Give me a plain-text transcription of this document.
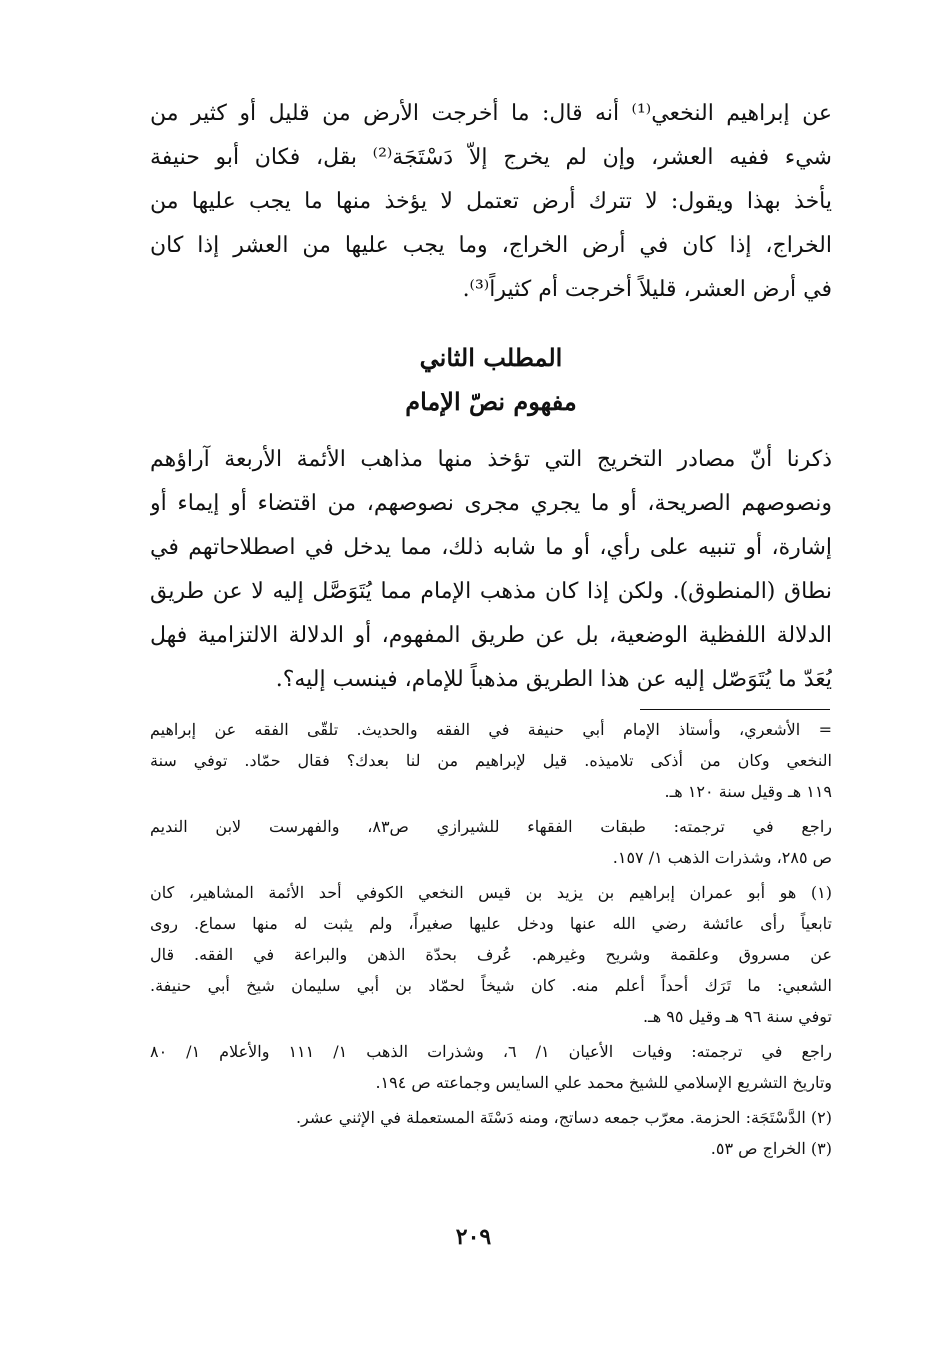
عن إبراهيم النخعي⁽¹⁾ أنه قال: ما أخرجت الأرض من قليل أو كثير من
شيء ففيه العشر، وإن لم يخرج إلاّ دَسْتَجَة⁽²⁾ بقل، فكان أبو حنيفة
يأخذ بهذا ويقول: لا تترك أرض تعتمل لا يؤخذ منها ما يجب عليها من
الخراج، إذا كان في أرض الخراج، وما يجب عليها من العشر إذا كان
في أرض العشر، قليلاً أخرجت أم كثيراً⁽³⁾.
المطلب الثاني
مفهوم نصّ الإمام
ذكرنا أنّ مصادر التخريج التي تؤخذ منها مذاهب الأئمة الأربعة آراؤهم
ونصوصهم الصريحة، أو ما يجري مجرى نصوصهم، من اقتضاء أو إيماء أو
إشارة، أو تنبيه على رأي، أو ما شابه ذلك، مما يدخل في اصطلاحاتهم في
نطاق (المنطوق). ولكن إذا كان مذهب الإمام مما يُتَوَصَّل إليه لا عن طريق
الدلالة اللفظية الوضعية، بل عن طريق المفهوم، أو الدلالة الالتزامية فهل
يُعَدّ ما يُتَوَصّل إليه عن هذا الطريق مذهباً للإمام، فينسب إليه؟.
= الأشعري، وأستاذ الإمام أبي حنيفة في الفقه والحديث. تلقّى الفقه عن إبراهيم
النخعي وكان من أذكى تلاميذه. قيل لإبراهيم من لنا بعدك؟ فقال حمّاد. توفي سنة
١١٩ هـ وقيل سنة ١٢٠ هـ.
راجع في ترجمته: طبقات الفقهاء للشيرازي ص٨٣، والفهرست لابن النديم
ص ٢٨٥، وشذرات الذهب ١/ ١٥٧.
(١) هو أبو عمران إبراهيم بن يزيد بن قيس النخعي الكوفي أحد الأئمة المشاهير، كان
تابعياً رأى عائشة رضي الله عنها ودخل عليها صغيراً، ولم يثبت له منها سماع. روى
عن مسروق وعلقمة وشريح وغيرهم. عُرف بحدّة الذهن والبراعة في الفقه. قال
الشعبي: ما تَرَك أحداً أعلم منه. كان شيخاً لحمّاد بن أبي سليمان شيخ أبي حنيفة.
توفي سنة ٩٦ هـ وقيل ٩٥ هـ.
راجع في ترجمته: وفيات الأعيان ١/ ٦، وشذرات الذهب ١/ ١١١ والأعلام ١/ ٨٠
وتاريخ التشريع الإسلامي للشيخ محمد علي السايس وجماعته ص ١٩٤.
(٢) الدَّسْتَجَة: الحزمة. معرّب جمعه دساتج، ومنه دَسْتَة المستعملة في الإثني عشر.
(٣) الخراج ص ٥٣.
٢٠٩
